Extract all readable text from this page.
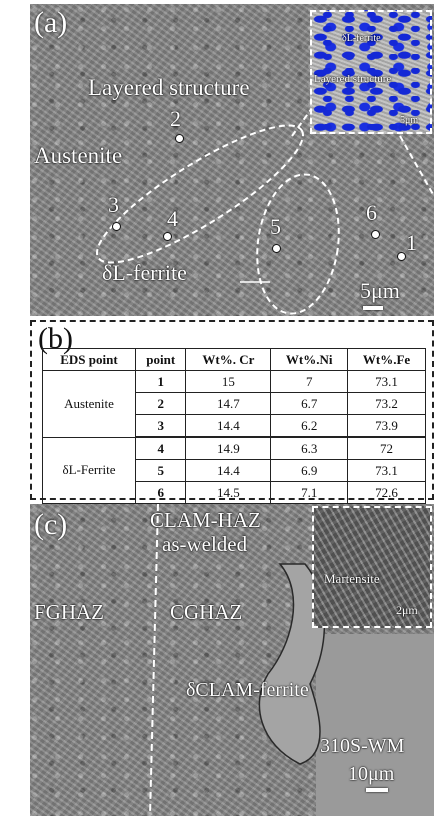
(a)
Layered structure
Austenite
δL-ferrite
1
2
3
4	5
6
5μm
δL-ferrite
Layered structure
5μm
(b)
EDS point	point	Wt%. Cr	Wt%.Ni	Wt%.Fe
Austenite	1	15	7	73.1
	2	14.7	6.7	73.2
	3	14.4	6.2	73.9
δL-Ferrite	4	14.9	6.3	72
	5	14.4	6.9	73.1
	6	14.5	7.1	72.6
(c)	CLAM-HAZ
as-welded
FGHAZ	CGHAZ
δCLAM-ferrite
310S-WM
10μm
Martensite
2μm
